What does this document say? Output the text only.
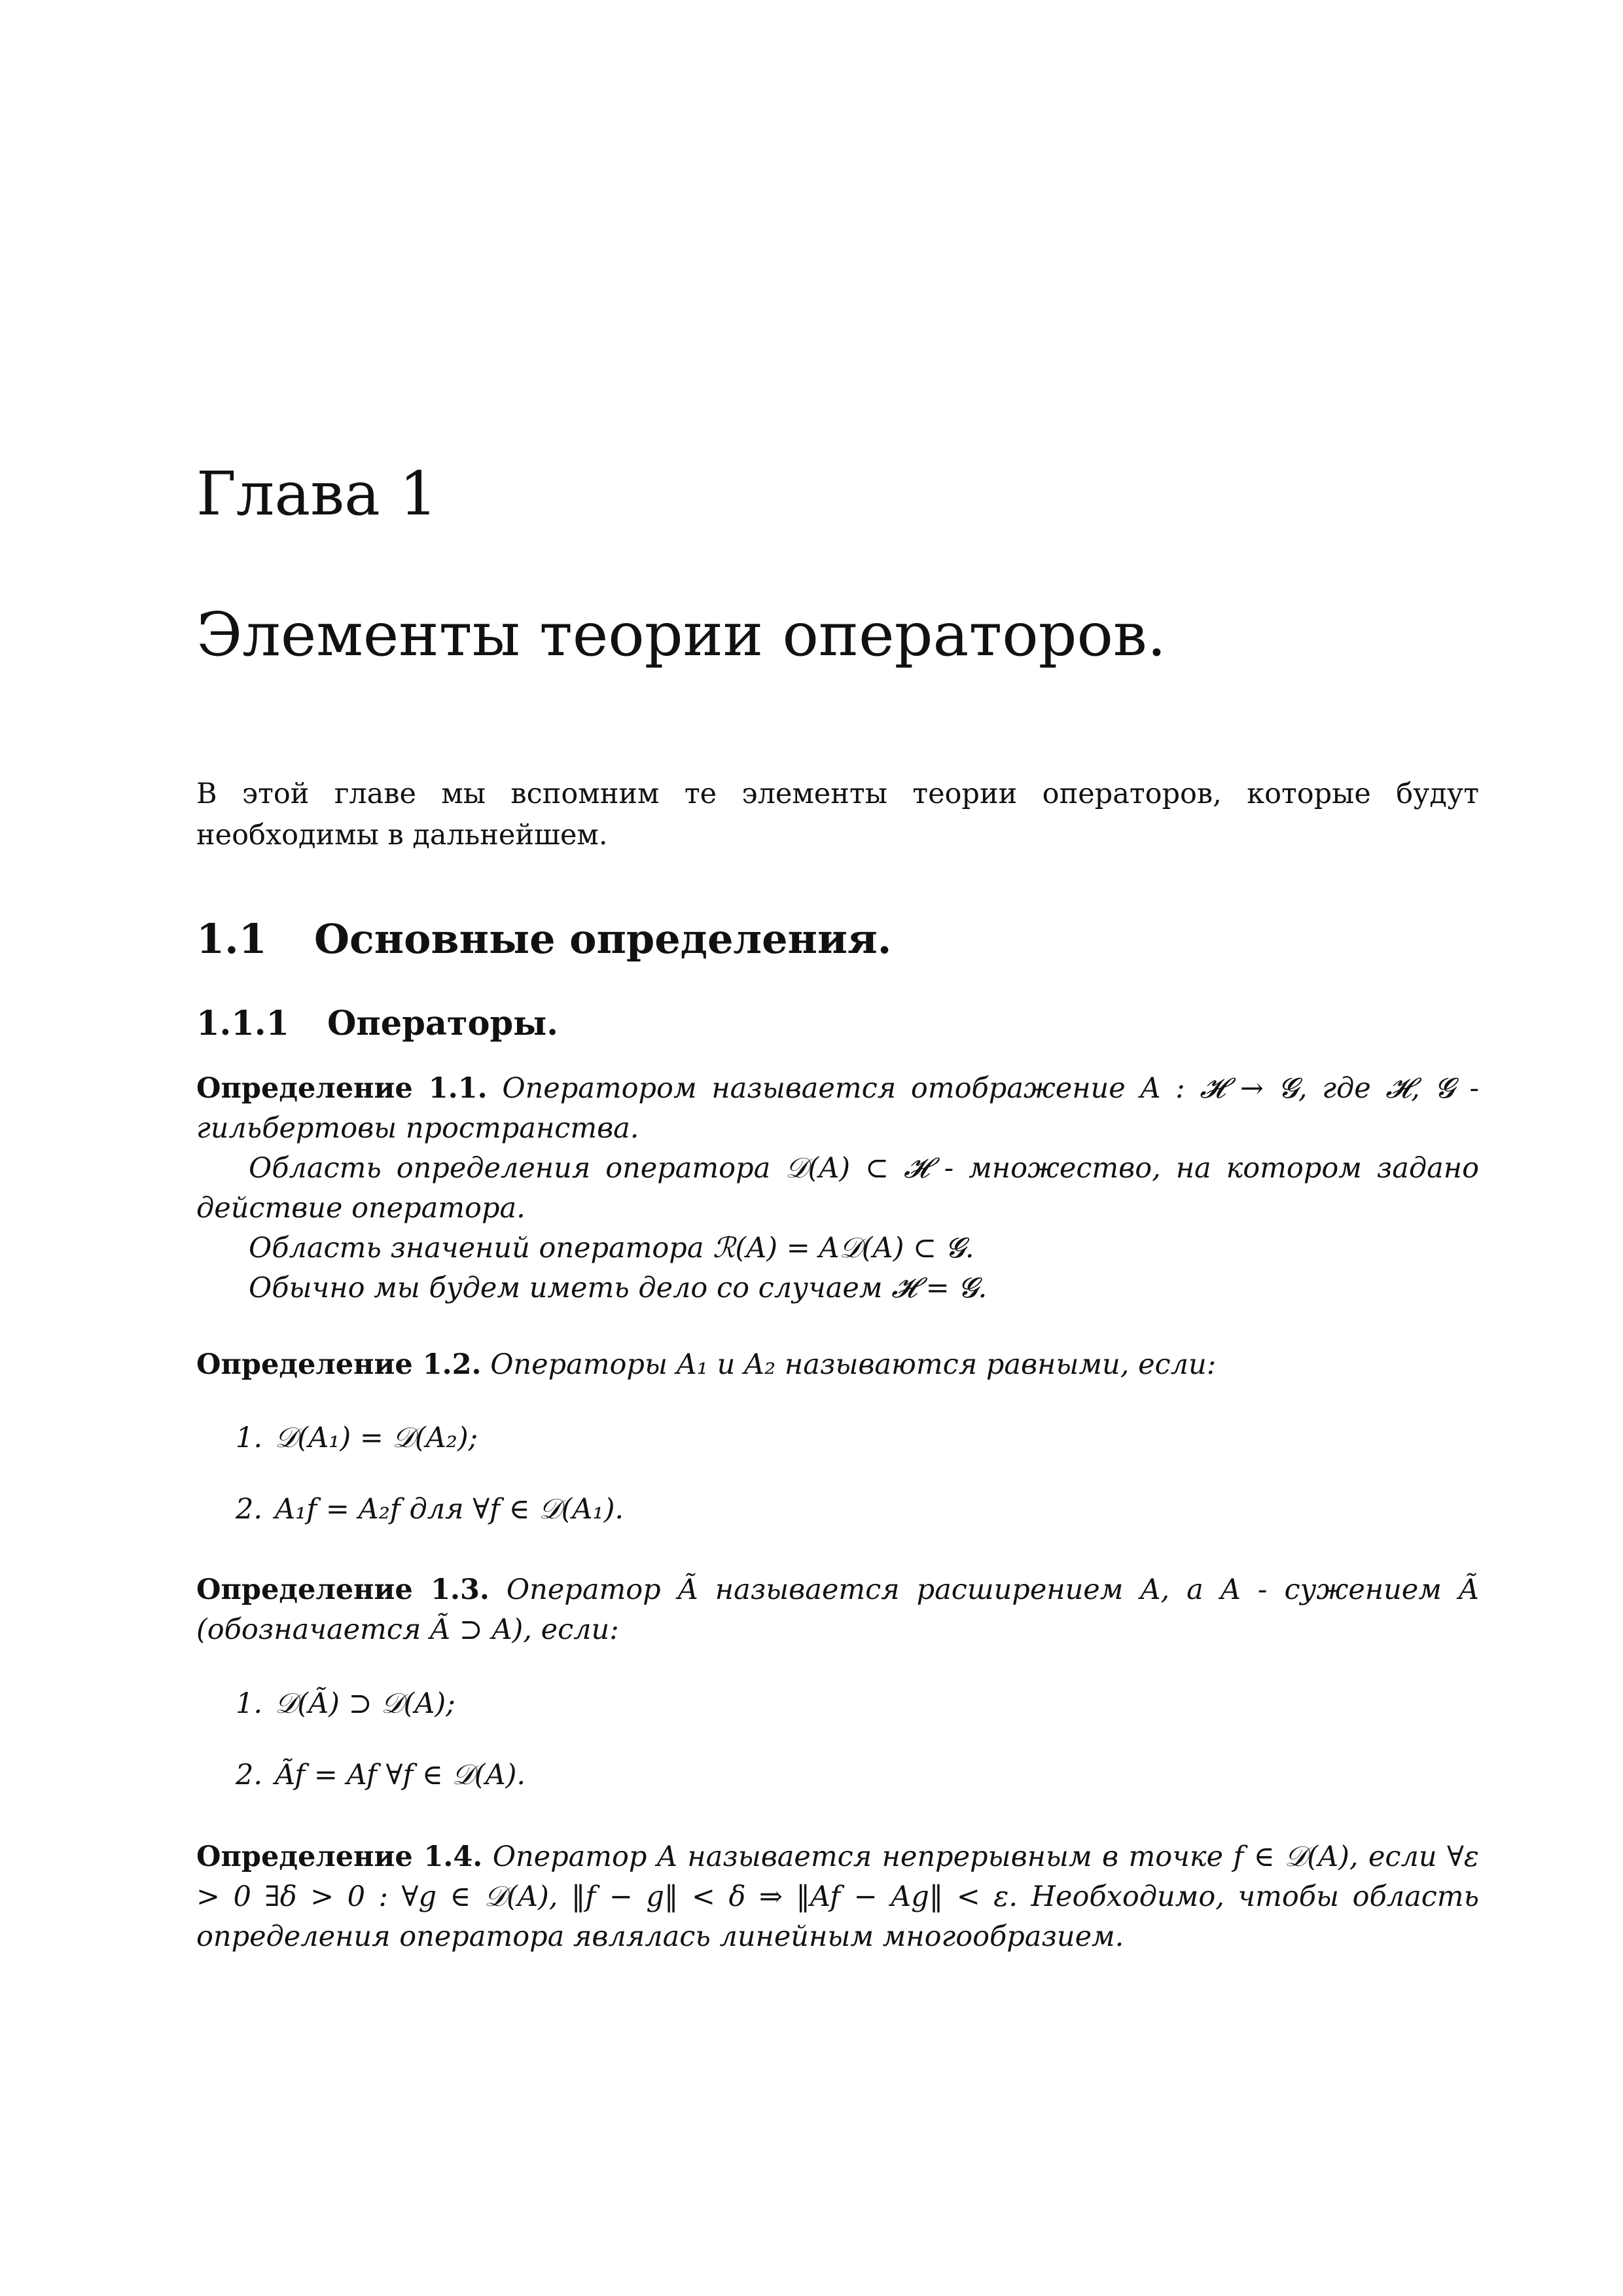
Глава 1
Элементы теории операторов.
В этой главе мы вспомним те элементы теории операторов, которые будут необходимы в дальнейшем.
1.1 Основные определения.
1.1.1 Операторы.

Определение 1.1. Оператором называется отображение A : 𝓗 → 𝓖, где 𝓗, 𝓖 - гильбертовы пространства.

Область определения оператора 𝒟(A) ⊂ 𝓗 - множество, на котором задано действие оператора.

Область значений оператора ℛ(A) = A𝒟(A) ⊂ 𝓖.

Обычно мы будем иметь дело со случаем 𝓗 = 𝓖.

Определение 1.2. Операторы A₁ и A₂ называются равными, если:

1. 𝒟(A₁) = 𝒟(A₂);
2. A₁f = A₂f для ∀f ∈ 𝒟(A₁).

Определение 1.3. Оператор Ã называется расширением A, а A - сужением Ã (обозначается Ã ⊃ A), если:

1. 𝒟(Ã) ⊃ 𝒟(A);
2. Ãf = Af ∀f ∈ 𝒟(A).

Определение 1.4. Оператор A называется непрерывным в точке f ∈ 𝒟(A), если ∀ε > 0 ∃δ > 0 : ∀g ∈ 𝒟(A), ‖f − g‖ < δ ⇒ ‖Af − Ag‖ < ε. Необходимо, чтобы область определения оператора являлась линейным многообразием.
